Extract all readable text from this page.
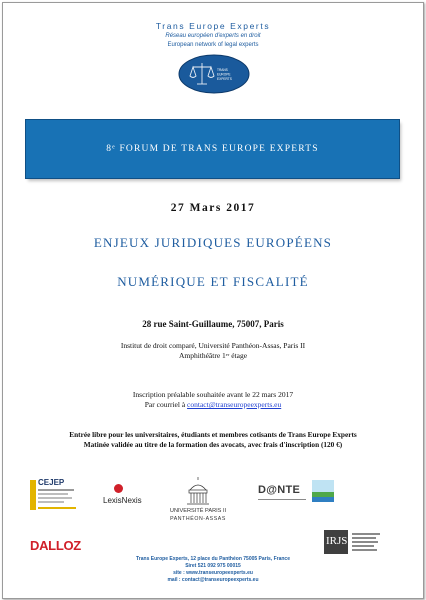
Trans Europe Experts
Réseau européen d'experts en droit
European network of legal experts
TRANS
EUROPE
EXPERTS
8ᵉ FORUM DE TRANS EUROPE EXPERTS
27 Mars 2017
ENJEUX JURIDIQUES EUROPÉENS
NUMÉRIQUE ET FISCALITÉ
28 rue Saint-Guillaume, 75007, Paris
Institut de droit comparé, Université Panthéon-Assas, Paris II
Amphithéâtre 1ᵉʳ étage
Inscription préalable souhaitée avant le 22 mars 2017
Par courriel à contact@transeuropeexperts.eu
Entrée libre pour les universitaires, étudiants et membres cotisants de Trans Europe Experts
Matinée validée au titre de la formation des avocats, avec frais d'inscription (120 €)
CEJEP
LexisNexis
UNIVERSITÉ PARIS II
PANTHÉON-ASSAS
D@NTE
DALLOZ	IRJS
Trans Europe Experts, 12 place du Panthéon 75005 Paris, France
Siret 521 092 975 00015
site : www.transeuropeexperts.eu
mail : contact@transeuropeexperts.eu
